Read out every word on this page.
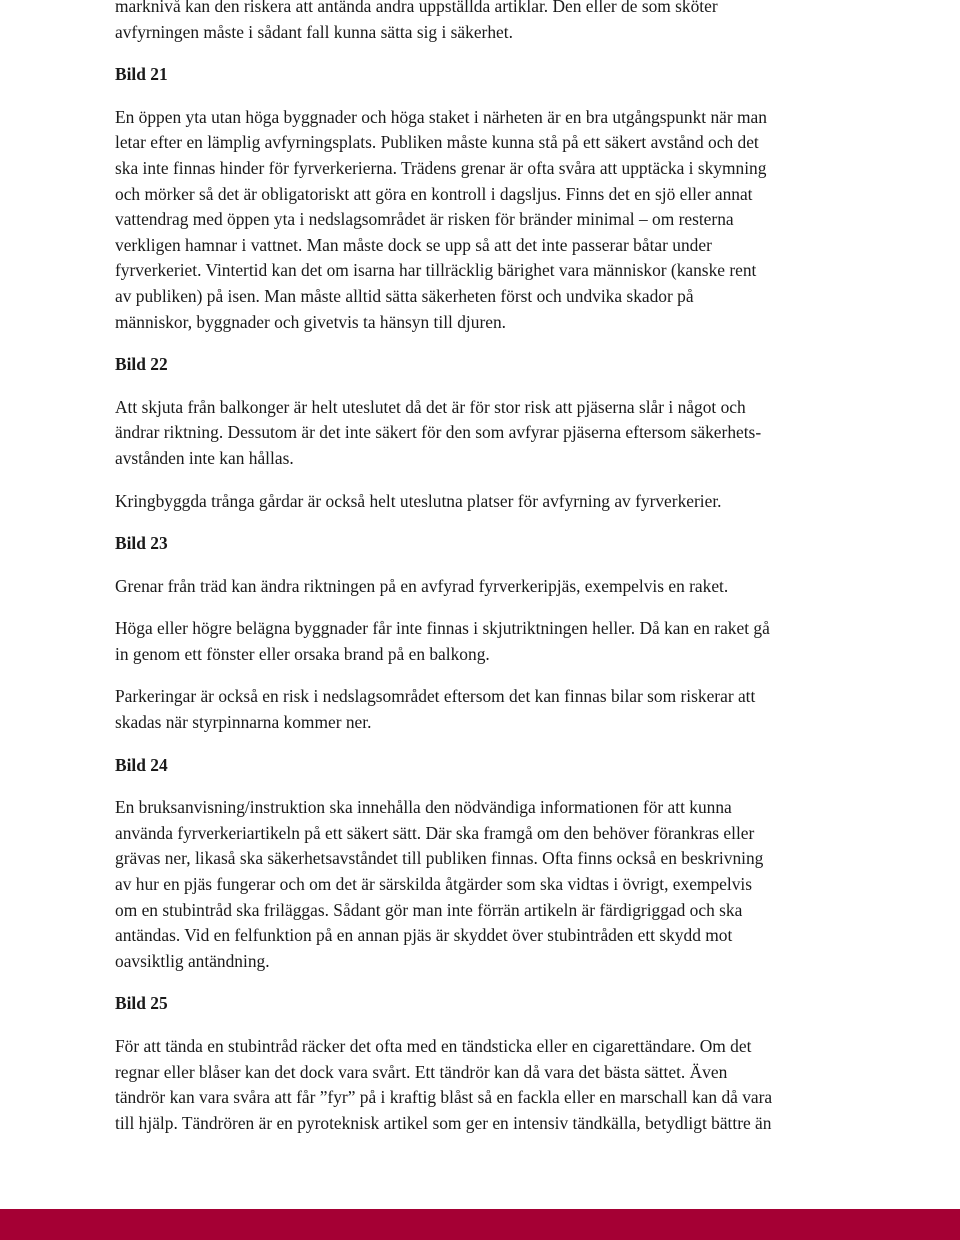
marknivå kan den riskera att antända andra uppställda artiklar. Den eller de som sköter
avfyrningen måste i sådant fall kunna sätta sig i säkerhet.

Bild 21

En öppen yta utan höga byggnader och höga staket i närheten är en bra utgångspunkt när man
letar efter en lämplig avfyrningsplats. Publiken måste kunna stå på ett säkert avstånd och det
ska inte finnas hinder för fyrverkerierna. Trädens grenar är ofta svåra att upptäcka i skymning
och mörker så det är obligatoriskt att göra en kontroll i dagsljus. Finns det en sjö eller annat
vattendrag med öppen yta i nedslagsområdet är risken för bränder minimal – om resterna
verkligen hamnar i vattnet. Man måste dock se upp så att det inte passerar båtar under
fyrverkeriet. Vintertid kan det om isarna har tillräcklig bärighet vara människor (kanske rent
av publiken) på isen. Man måste alltid sätta säkerheten först och undvika skador på
människor, byggnader och givetvis ta hänsyn till djuren.

Bild 22

Att skjuta från balkonger är helt uteslutet då det är för stor risk att pjäserna slår i något och
ändrar riktning. Dessutom är det inte säkert för den som avfyrar pjäserna eftersom säkerhets-
avstånden inte kan hållas.

Kringbyggda trånga gårdar är också helt uteslutna platser för avfyrning av fyrverkerier.

Bild 23

Grenar från träd kan ändra riktningen på en avfyrad fyrverkeripjäs, exempelvis en raket.

Höga eller högre belägna byggnader får inte finnas i skjutriktningen heller. Då kan en raket gå
in genom ett fönster eller orsaka brand på en balkong.

Parkeringar är också en risk i nedslagsområdet eftersom det kan finnas bilar som riskerar att
skadas när styrpinnarna kommer ner.

Bild 24

En bruksanvisning/instruktion ska innehålla den nödvändiga informationen för att kunna
använda fyrverkeriartikeln på ett säkert sätt. Där ska framgå om den behöver förankras eller
grävas ner, likaså ska säkerhetsavståndet till publiken finnas. Ofta finns också en beskrivning
av hur en pjäs fungerar och om det är särskilda åtgärder som ska vidtas i övrigt, exempelvis
om en stubintråd ska friläggas. Sådant gör man inte förrän artikeln är färdigriggad och ska
antändas. Vid en felfunktion på en annan pjäs är skyddet över stubintråden ett skydd mot
oavsiktlig antändning.

Bild 25

För att tända en stubintråd räcker det ofta med en tändsticka eller en cigarettändare. Om det
regnar eller blåser kan det dock vara svårt. Ett tändrör kan då vara det bästa sättet. Även
tändrör kan vara svåra att får ”fyr” på i kraftig blåst så en fackla eller en marschall kan då vara
till hjälp. Tändrören är en pyroteknisk artikel som ger en intensiv tändkälla, betydligt bättre än
